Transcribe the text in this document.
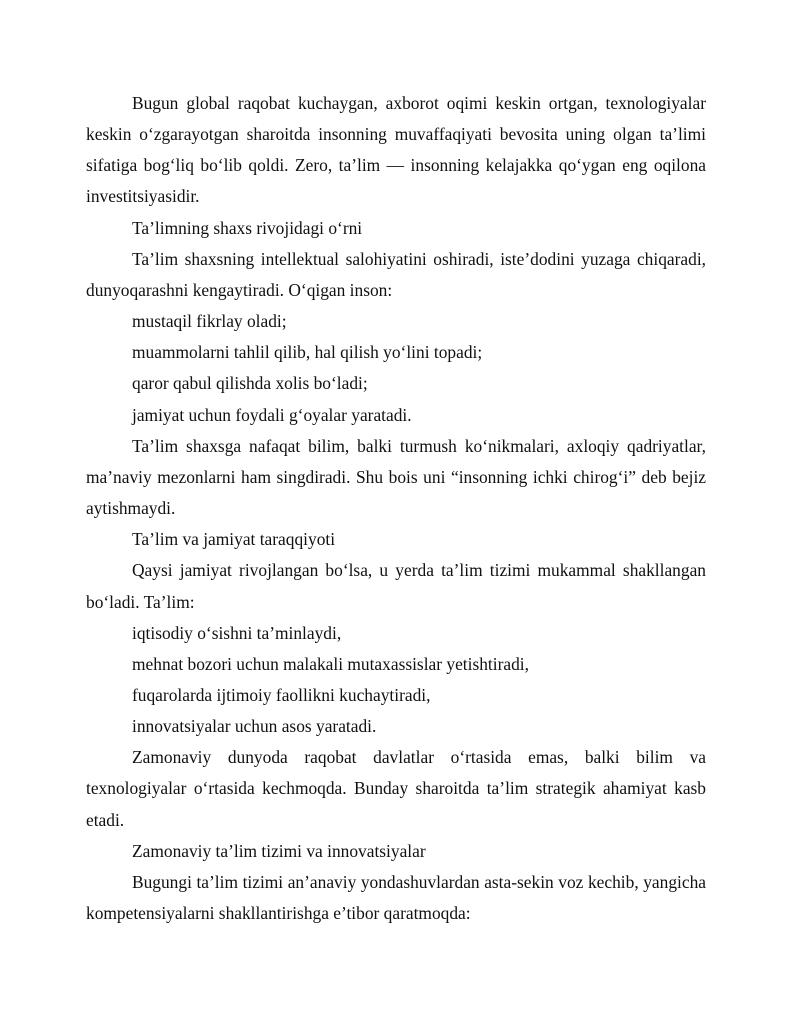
Bugun global raqobat kuchaygan, axborot oqimi keskin ortgan, texnologiyalar keskin o‘zgarayotgan sharoitda insonning muvaffaqiyati bevosita uning olgan ta’limi sifatiga bog‘liq bo‘lib qoldi. Zero, ta’lim — insonning kelajakka qo‘ygan eng oqilona investitsiyasidir.

Ta’limning shaxs rivojidagi o‘rni

Ta’lim shaxsning intellektual salohiyatini oshiradi, iste’dodini yuzaga chiqaradi, dunyoqarashni kengaytiradi. O‘qigan inson:

mustaqil fikrlay oladi;

muammolarni tahlil qilib, hal qilish yo‘lini topadi;

qaror qabul qilishda xolis bo‘ladi;

jamiyat uchun foydali g‘oyalar yaratadi.

Ta’lim shaxsga nafaqat bilim, balki turmush ko‘nikmalari, axloqiy qadriyatlar, ma’naviy mezonlarni ham singdiradi. Shu bois uni “insonning ichki chirog‘i” deb bejiz aytishmaydi.

Ta’lim va jamiyat taraqqiyoti

Qaysi jamiyat rivojlangan bo‘lsa, u yerda ta’lim tizimi mukammal shakllangan bo‘ladi. Ta’lim:

iqtisodiy o‘sishni ta’minlaydi,

mehnat bozori uchun malakali mutaxassislar yetishtiradi,

fuqarolarda ijtimoiy faollikni kuchaytiradi,

innovatsiyalar uchun asos yaratadi.

Zamonaviy dunyoda raqobat davlatlar o‘rtasida emas, balki bilim va texnologiyalar o‘rtasida kechmoqda. Bunday sharoitda ta’lim strategik ahamiyat kasb etadi.

Zamonaviy ta’lim tizimi va innovatsiyalar

Bugungi ta’lim tizimi an’anaviy yondashuvlardan asta-sekin voz kechib, yangicha kompetensiyalarni shakllantirishga e’tibor qaratmoqda:
